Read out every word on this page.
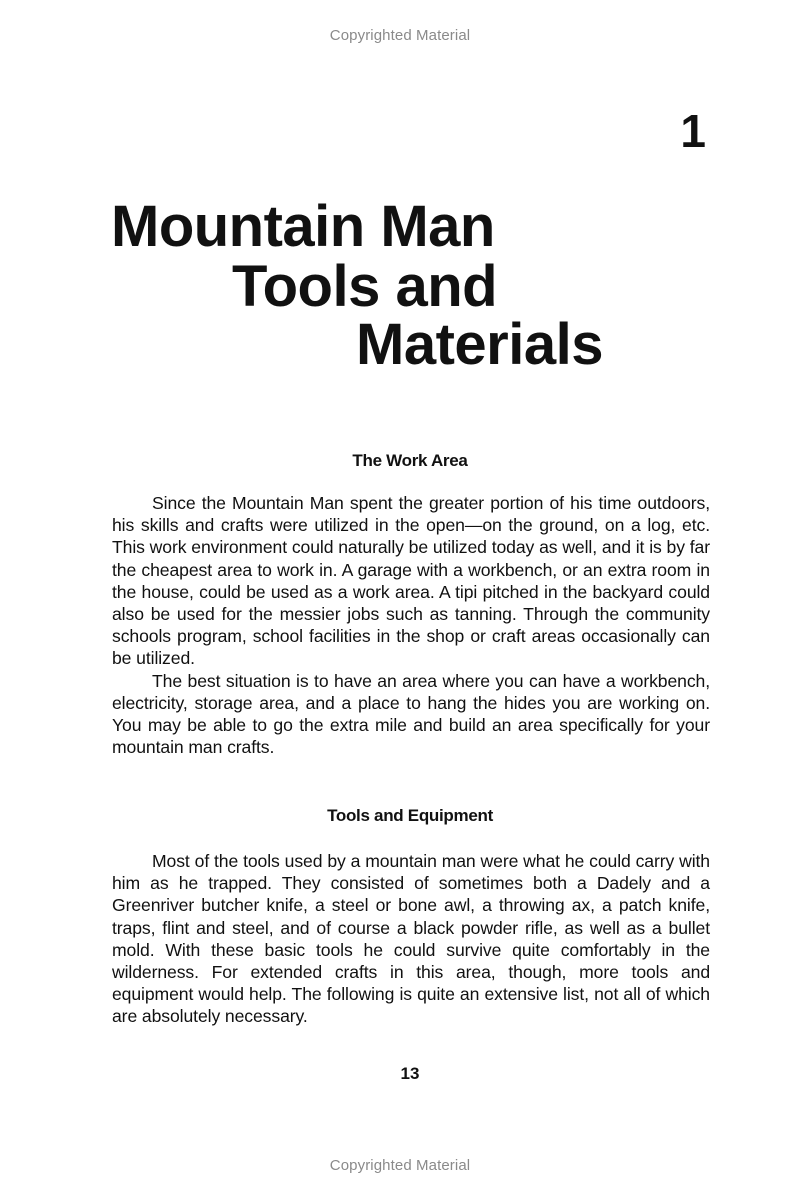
Copyrighted Material
1
Mountain Man
Tools and
Materials
The Work Area

Since the Mountain Man spent the greater portion of his time outdoors, his skills and crafts were utilized in the open—on the ground, on a log, etc. This work environment could naturally be utilized today as well, and it is by far the cheapest area to work in. A garage with a workbench, or an extra room in the house, could be used as a work area. A tipi pitched in the backyard could also be used for the messier jobs such as tanning. Through the community schools program, school facilities in the shop or craft areas occasionally can be utilized.

The best situation is to have an area where you can have a workbench, electricity, storage area, and a place to hang the hides you are working on. You may be able to go the extra mile and build an area specifically for your mountain man crafts.

Tools and Equipment

Most of the tools used by a mountain man were what he could carry with him as he trapped. They consisted of sometimes both a Dadely and a Greenriver butcher knife, a steel or bone awl, a throwing ax, a patch knife, traps, flint and steel, and of course a black powder rifle, as well as a bullet mold. With these basic tools he could survive quite comfortably in the wilderness. For extended crafts in this area, though, more tools and equipment would help. The following is quite an extensive list, not all of which are absolutely necessary.

13
Copyrighted Material
